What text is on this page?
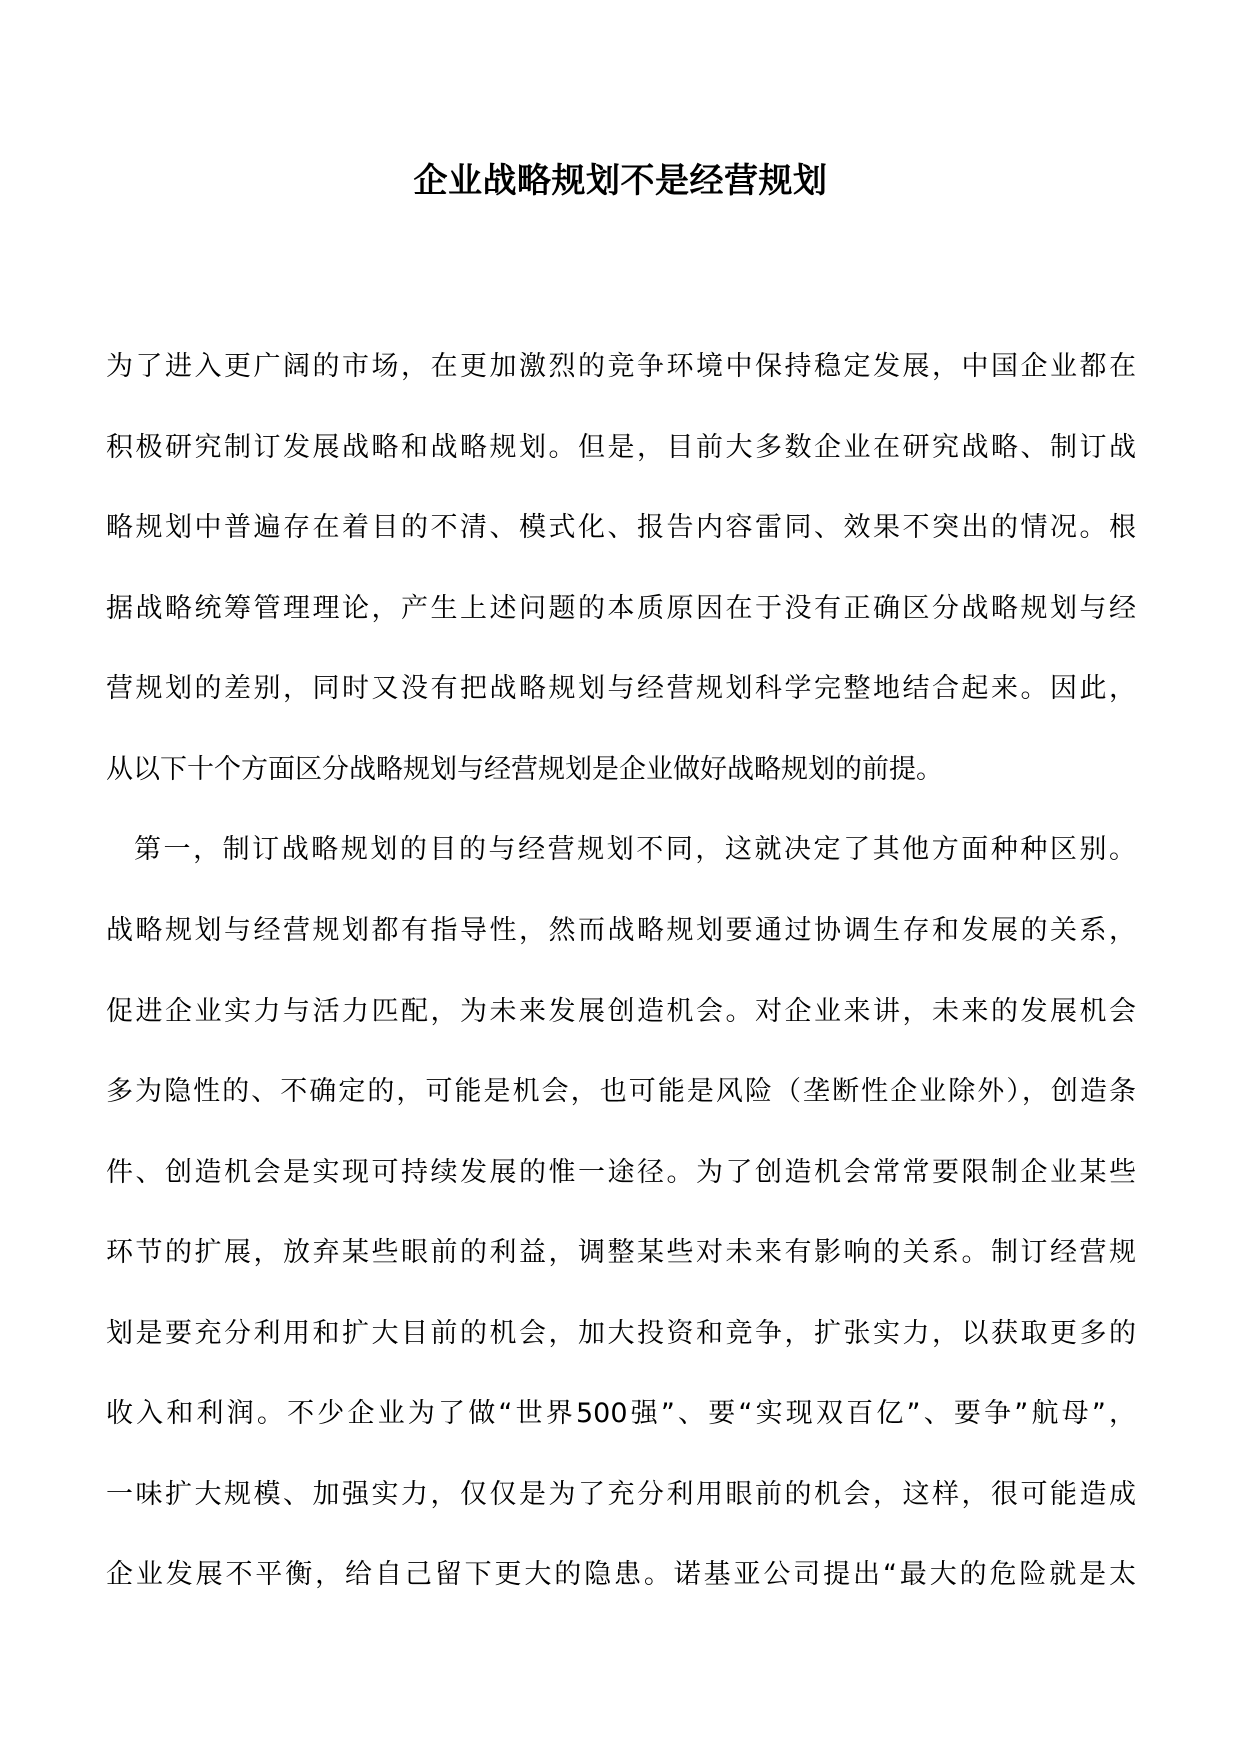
企业战略规划不是经营规划
为了进入更广阔的市场，在更加激烈的竞争环境中保持稳定发展，中国企业都在
积极研究制订发展战略和战略规划。但是，目前大多数企业在研究战略、制订战
略规划中普遍存在着目的不清、模式化、报告内容雷同、效果不突出的情况。根
据战略统筹管理理论，产生上述问题的本质原因在于没有正确区分战略规划与经
营规划的差别，同时又没有把战略规划与经营规划科学完整地结合起来。因此，
从以下十个方面区分战略规划与经营规划是企业做好战略规划的前提。
第一，制订战略规划的目的与经营规划不同，这就决定了其他方面种种区别。
战略规划与经营规划都有指导性，然而战略规划要通过协调生存和发展的关系，
促进企业实力与活力匹配，为未来发展创造机会。对企业来讲，未来的发展机会
多为隐性的、不确定的，可能是机会，也可能是风险（垄断性企业除外），创造条
件、创造机会是实现可持续发展的惟一途径。为了创造机会常常要限制企业某些
环节的扩展，放弃某些眼前的利益，调整某些对未来有影响的关系。制订经营规
划是要充分利用和扩大目前的机会，加大投资和竞争，扩张实力，以获取更多的
收入和利润。不少企业为了做“世界500强”、要“实现双百亿”、要争”航母”，
一味扩大规模、加强实力，仅仅是为了充分利用眼前的机会，这样，很可能造成
企业发展不平衡，给自己留下更大的隐患。诺基亚公司提出“最大的危险就是太
